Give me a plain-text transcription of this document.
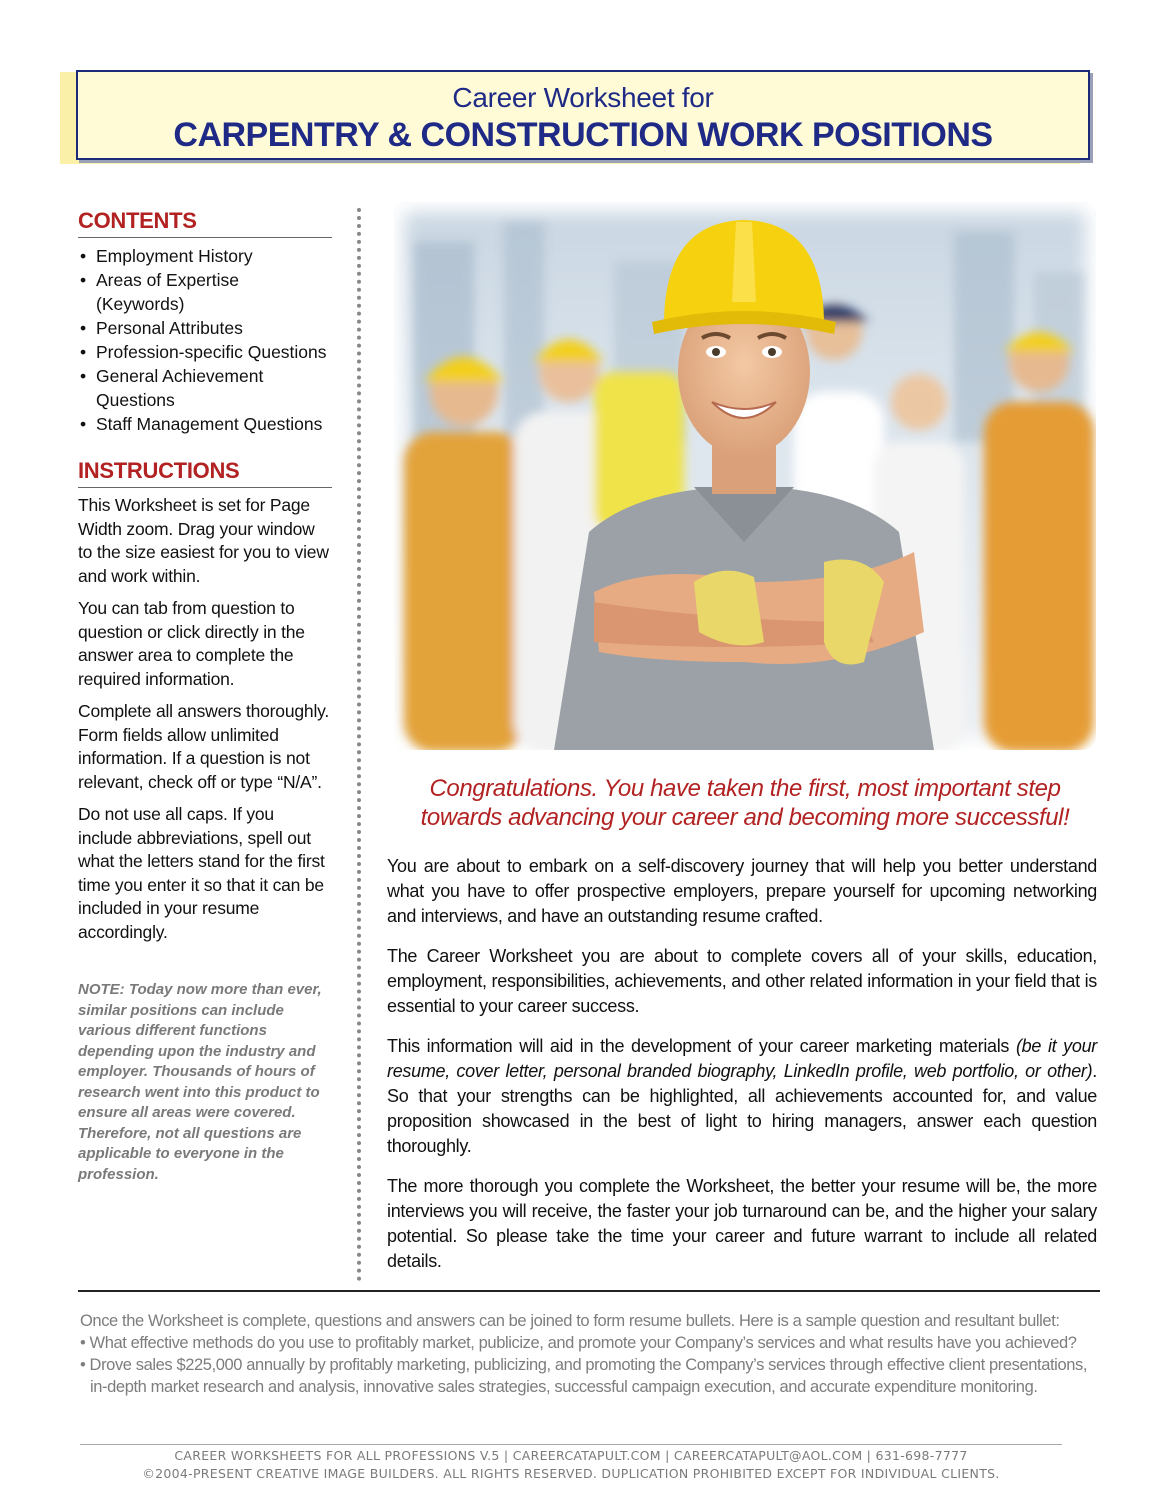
Career Worksheet for
CARPENTRY & CONSTRUCTION WORK POSITIONS
CONTENTS
• Employment History
• Areas of Expertise (Keywords)
• Personal Attributes
• Profession-specific Questions
• General Achievement Questions
• Staff Management Questions
INSTRUCTIONS

This Worksheet is set for Page Width zoom. Drag your window to the size easiest for you to view and work within.

You can tab from question to question or click directly in the answer area to complete the required information.

Complete all answers thoroughly. Form fields allow unlimited information. If a question is not relevant, check off or type “N/A”.

Do not use all caps. If you include abbreviations, spell out what the letters stand for the first time you enter it so that it can be included in your resume accordingly.

NOTE: Today now more than ever, similar positions can include various different functions depending upon the industry and employer. Thousands of hours of research went into this product to ensure all areas were covered. Therefore, not all questions are applicable to everyone in the profession.
Congratulations. You have taken the first, most important step towards advancing your career and becoming more successful!

You are about to embark on a self-discovery journey that will help you better understand what you have to offer prospective employers, prepare yourself for upcoming networking and interviews, and have an outstanding resume crafted.

The Career Worksheet you are about to complete covers all of your skills, education, employment, responsibilities, achievements, and other related information in your field that is essential to your career success.

This information will aid in the development of your career marketing materials (be it your resume, cover letter, personal branded biography, LinkedIn profile, web portfolio, or other). So that your strengths can be highlighted, all achievements accounted for, and value proposition showcased in the best of light to hiring managers, answer each question thoroughly.

The more thorough you complete the Worksheet, the better your resume will be, the more interviews you will receive, the faster your job turnaround can be, and the higher your salary potential. So please take the time your career and future warrant to include all related details.

Once the Worksheet is complete, questions and answers can be joined to form resume bullets. Here is a sample question and resultant bullet:
• What effective methods do you use to profitably market, publicize, and promote your Company’s services and what results have you achieved?
• Drove sales $225,000 annually by profitably marketing, publicizing, and promoting the Company’s services through effective client presentations,
in-depth market research and analysis, innovative sales strategies, successful campaign execution, and accurate expenditure monitoring.
CAREER WORKSHEETS FOR ALL PROFESSIONS V.5 | CAREERCATAPULT.COM | CAREERCATAPULT@AOL.COM | 631-698-7777
©2004-PRESENT CREATIVE IMAGE BUILDERS. ALL RIGHTS RESERVED. DUPLICATION PROHIBITED EXCEPT FOR INDIVIDUAL CLIENTS.
